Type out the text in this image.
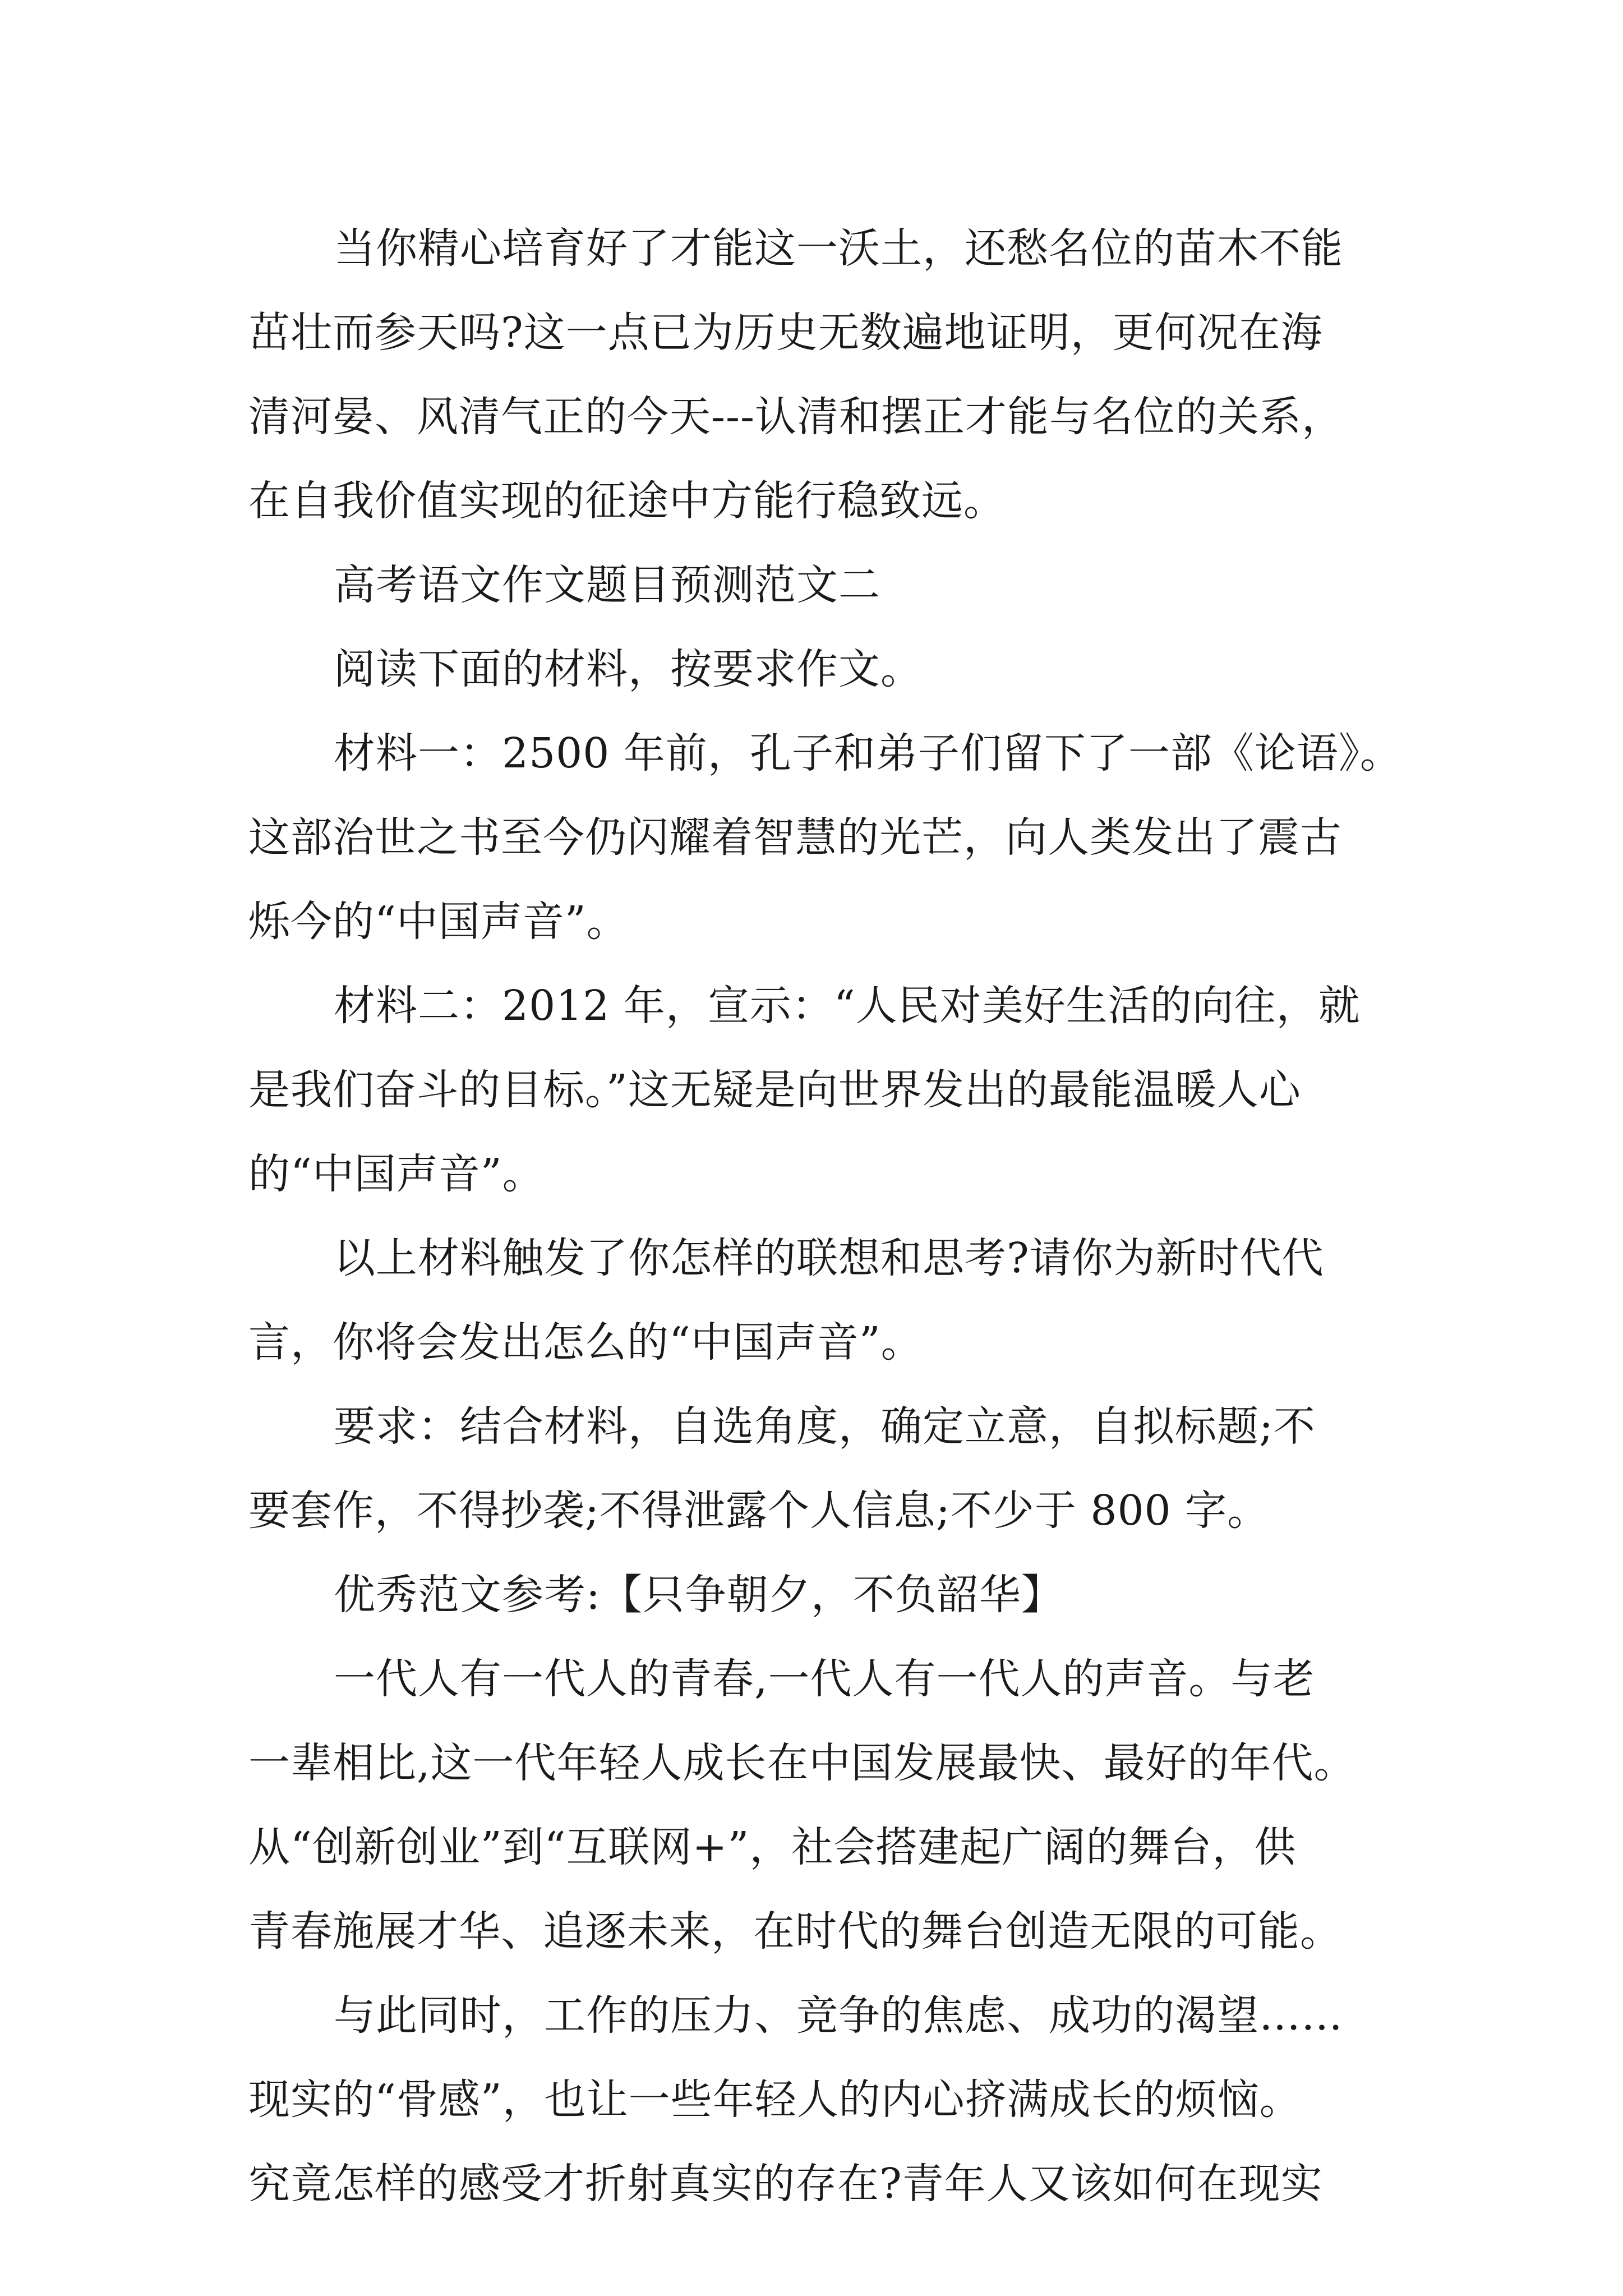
当你精心培育好了才能这一沃土，还愁名位的苗木不能
茁壮而参天吗?这一点已为历史无数遍地证明，更何况在海
清河晏、风清气正的今天---认清和摆正才能与名位的关系，
在自我价值实现的征途中方能行稳致远。
高考语文作文题目预测范文二
阅读下面的材料，按要求作文。
材料一：2500 年前，孔子和弟子们留下了一部《论语》。
这部治世之书至今仍闪耀着智慧的光芒，向人类发出了震古
烁今的“中国声音”。
材料二：2012 年，宣示：“人民对美好生活的向往，就
是我们奋斗的目标。”这无疑是向世界发出的最能温暖人心
的“中国声音”。
以上材料触发了你怎样的联想和思考?请你为新时代代
言，你将会发出怎么的“中国声音”。
要求：结合材料，自选角度，确定立意，自拟标题;不
要套作，不得抄袭;不得泄露个人信息;不少于 800 字。
优秀范文参考:【只争朝夕，不负韶华】
一代人有一代人的青春,一代人有一代人的声音。与老
一辈相比,这一代年轻人成长在中国发展最快、最好的年代。
从“创新创业”到“互联网+”，社会搭建起广阔的舞台，供
青春施展才华、追逐未来，在时代的舞台创造无限的可能。
与此同时，工作的压力、竞争的焦虑、成功的渴望……
现实的“骨感”，也让一些年轻人的内心挤满成长的烦恼。
究竟怎样的感受才折射真实的存在?青年人又该如何在现实
